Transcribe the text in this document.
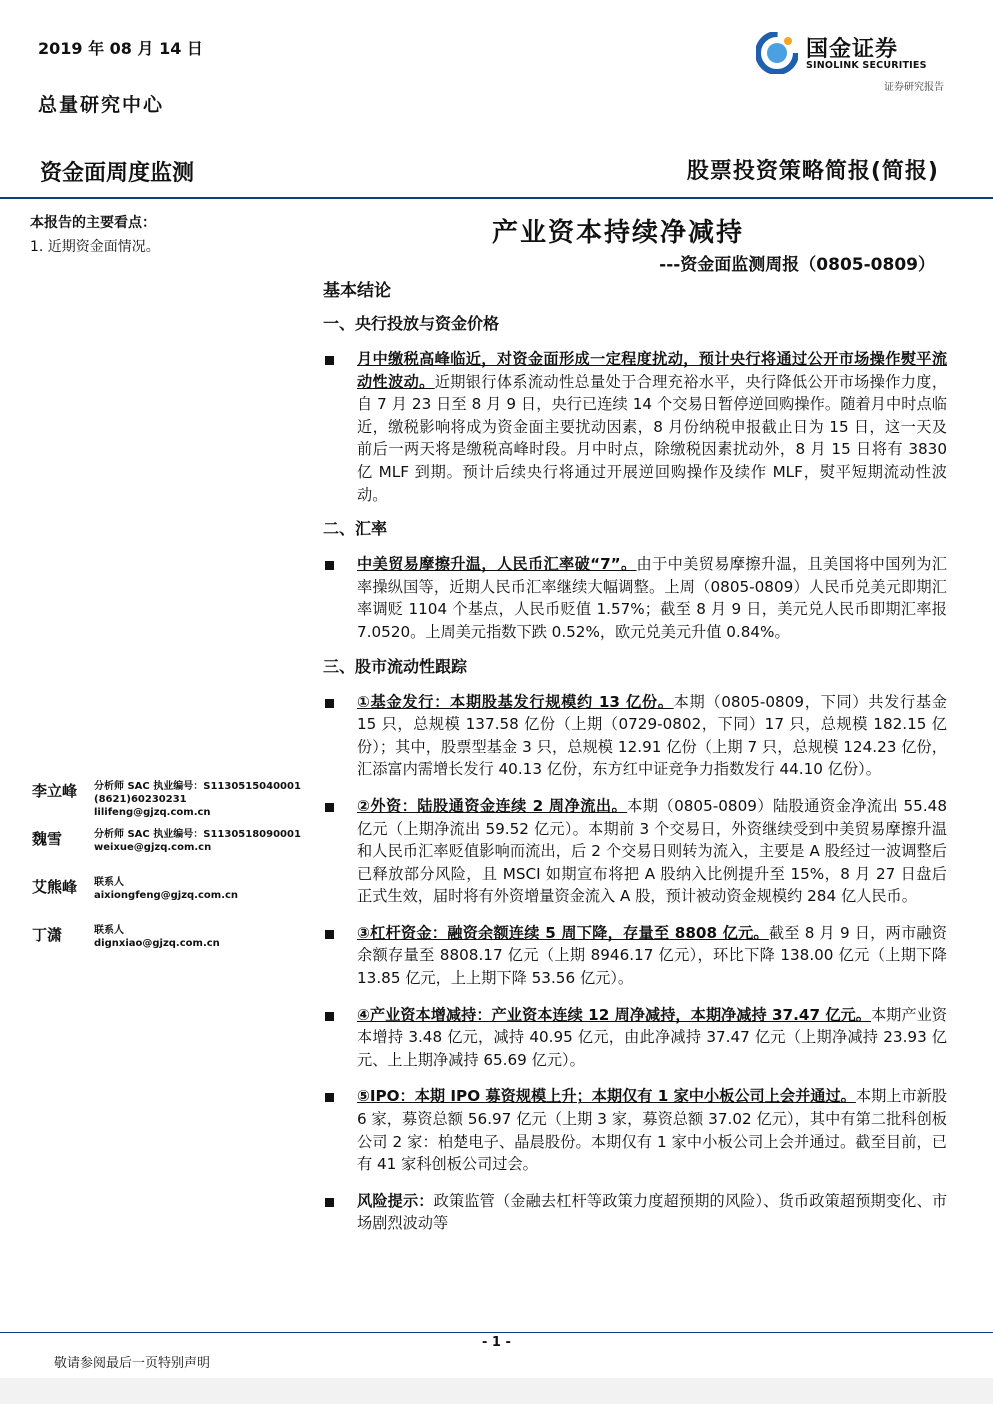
2019 年 08 月 14 日
总量研究中心
国金证券
SINOLINK SECURITIES
证券研究报告
资金面周度监测	股票投资策略简报(简报)
本报告的主要看点：
1. 近期资金面情况。
李立峰 分析师 SAC 执业编号：S1130515040001
(8621)60230231
lilifeng@gjzq.com.cn
魏雪	分析师 SAC 执业编号：S1130518090001
weixue@gjzq.com.cn
艾熊峰 联系人
aixiongfeng@gjzq.com.cn
丁潇	联系人
dignxiao@gjzq.com.cn
产业资本持续净减持
---资金面监测周报（0805-0809）
基本结论
一、央行投放与资金价格
月中缴税高峰临近，对资金面形成一定程度扰动，预计央行将通过公开市场操作熨平流动性波动。近期银行体系流动性总量处于合理充裕水平，央行降低公开市场操作力度，自 7 月 23 日至 8 月 9 日，央行已连续 14 个交易日暂停逆回购操作。随着月中时点临近，缴税影响将成为资金面主要扰动因素，8 月份纳税申报截止日为 15 日，这一天及前后一两天将是缴税高峰时段。月中时点，除缴税因素扰动外，8 月 15 日将有 3830 亿 MLF 到期。预计后续央行将通过开展逆回购操作及续作 MLF，熨平短期流动性波动。
二、汇率
中美贸易摩擦升温，人民币汇率破“7”。由于中美贸易摩擦升温，且美国将中国列为汇率操纵国等，近期人民币汇率继续大幅调整。上周（0805-0809）人民币兑美元即期汇率调贬 1104 个基点，人民币贬值 1.57%；截至 8 月 9 日，美元兑人民币即期汇率报 7.0520。上周美元指数下跌 0.52%，欧元兑美元升值 0.84%。
三、股市流动性跟踪
①基金发行：本期股基发行规模约 13 亿份。本期（0805-0809，下同）共发行基金 15 只，总规模 137.58 亿份（上期（0729-0802，下同）17 只，总规模 182.15 亿份）；其中，股票型基金 3 只，总规模 12.91 亿份（上期 7 只，总规模 124.23 亿份，汇添富内需增长发行 40.13 亿份，东方红中证竞争力指数发行 44.10 亿份）。
②外资：陆股通资金连续 2 周净流出。本期（0805-0809）陆股通资金净流出 55.48 亿元（上期净流出 59.52 亿元）。本期前 3 个交易日，外资继续受到中美贸易摩擦升温和人民币汇率贬值影响而流出，后 2 个交易日则转为流入，主要是 A 股经过一波调整后已释放部分风险，且 MSCI 如期宣布将把 A 股纳入比例提升至 15%，8 月 27 日盘后正式生效，届时将有外资增量资金流入 A 股，预计被动资金规模约 284 亿人民币。
③杠杆资金：融资余额连续 5 周下降，存量至 8808 亿元。截至 8 月 9 日，两市融资余额存量至 8808.17 亿元（上期 8946.17 亿元），环比下降 138.00 亿元（上期下降 13.85 亿元，上上期下降 53.56 亿元）。
④产业资本增减持：产业资本连续 12 周净减持，本期净减持 37.47 亿元。本期产业资本增持 3.48 亿元，减持 40.95 亿元，由此净减持 37.47 亿元（上期净减持 23.93 亿元、上上期净减持 65.69 亿元）。
⑤IPO：本期 IPO 募资规模上升；本期仅有 1 家中小板公司上会并通过。本期上市新股 6 家，募资总额 56.97 亿元（上期 3 家，募资总额 37.02 亿元），其中有第二批科创板公司 2 家：柏楚电子、晶晨股份。本期仅有 1 家中小板公司上会并通过。截至目前，已有 41 家科创板公司过会。
风险提示：政策监管（金融去杠杆等政策力度超预期的风险）、货币政策超预期变化、市场剧烈波动等
- 1 -
敬请参阅最后一页特别声明
